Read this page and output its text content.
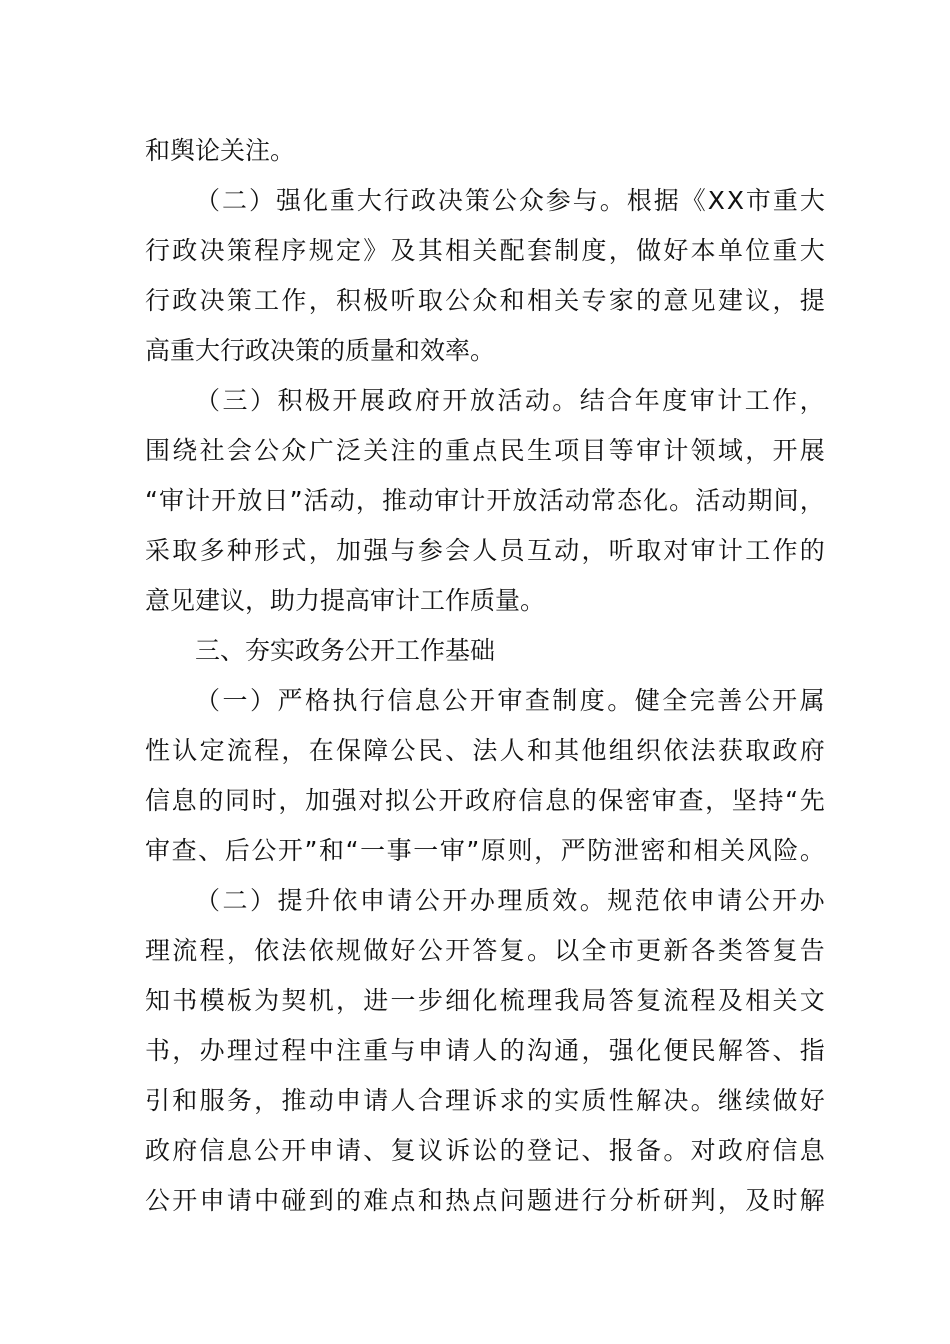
和舆论关注。
（ 二 ） 强 化 重 大 行 政 决 策 公 众 参 与 。 根 据 《 X X 市 重 大
行 政 决 策 程 序 规 定 》 及 其 相 关 配 套 制 度 ， 做 好 本 单 位 重 大
行 政 决 策 工 作 ， 积 极 听 取 公 众 和 相 关 专 家 的 意 见 建 议 ， 提
高重大行政决策的质量和效率。
（ 三 ） 积 极 开 展 政 府 开 放 活 动 。 结 合 年 度 审 计 工 作 ，
围 绕 社 会 公 众 广 泛 关 注 的 重 点 民 生 项 目 等 审 计 领 域 ， 开 展
“ 审 计 开 放 日 ” 活 动 ， 推 动 审 计 开 放 活 动 常 态 化 。 活 动 期 间 ，
采 取 多 种 形 式 ， 加 强 与 参 会 人 员 互 动 ， 听 取 对 审 计 工 作 的
意见建议，助力提高审计工作质量。
三、夯实政务公开工作基础
（ 一 ） 严 格 执 行 信 息 公 开 审 查 制 度 。 健 全 完 善 公 开 属
性 认 定 流 程 ， 在 保 障 公 民 、 法 人 和 其 他 组 织 依 法 获 取 政 府
信 息 的 同 时 ， 加 强 对 拟 公 开 政 府 信 息 的 保 密 审 查 ， 坚 持 “ 先
审 查 、 后 公 开 ” 和 “ 一 事 一 审 ” 原 则 ， 严 防 泄 密 和 相 关 风 险 。
（ 二 ） 提 升 依 申 请 公 开 办 理 质 效 。 规 范 依 申 请 公 开 办
理 流 程 ， 依 法 依 规 做 好 公 开 答 复 。 以 全 市 更 新 各 类 答 复 告
知 书 模 板 为 契 机 ， 进 一 步 细 化 梳 理 我 局 答 复 流 程 及 相 关 文
书 ， 办 理 过 程 中 注 重 与 申 请 人 的 沟 通 ， 强 化 便 民 解 答 、 指
引 和 服 务 ， 推 动 申 请 人 合 理 诉 求 的 实 质 性 解 决 。 继 续 做 好
政 府 信 息 公 开 申 请 、 复 议 诉 讼 的 登 记 、 报 备 。 对 政 府 信 息
公 开 申 请 中 碰 到 的 难 点 和 热 点 问 题 进 行 分 析 研 判 ， 及 时 解
